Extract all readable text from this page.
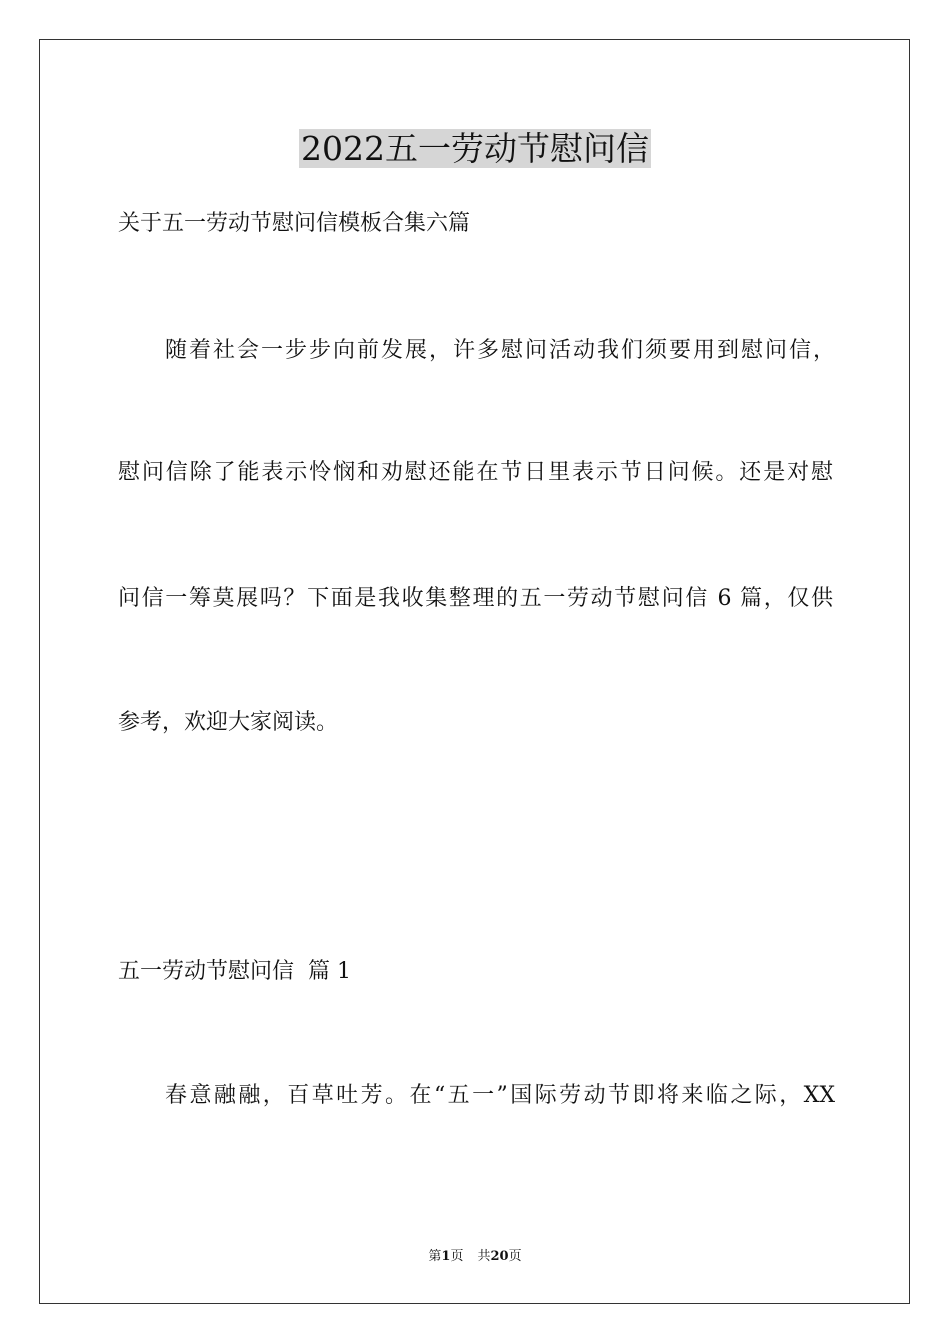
2022五一劳动节慰问信
关于五一劳动节慰问信模板合集六篇
随着社会一步步向前发展，许多慰问活动我们须要用到慰问信，
慰问信除了能表示怜悯和劝慰还能在节日里表示节日问候。还是对慰
问信一筹莫展吗？下面是我收集整理的五一劳动节慰问信 6 篇，仅供
参考，欢迎大家阅读。
五一劳动节慰问信  篇 1
春意融融，百草吐芳。在“五一”国际劳动节即将来临之际，XX
第1页 共20页
